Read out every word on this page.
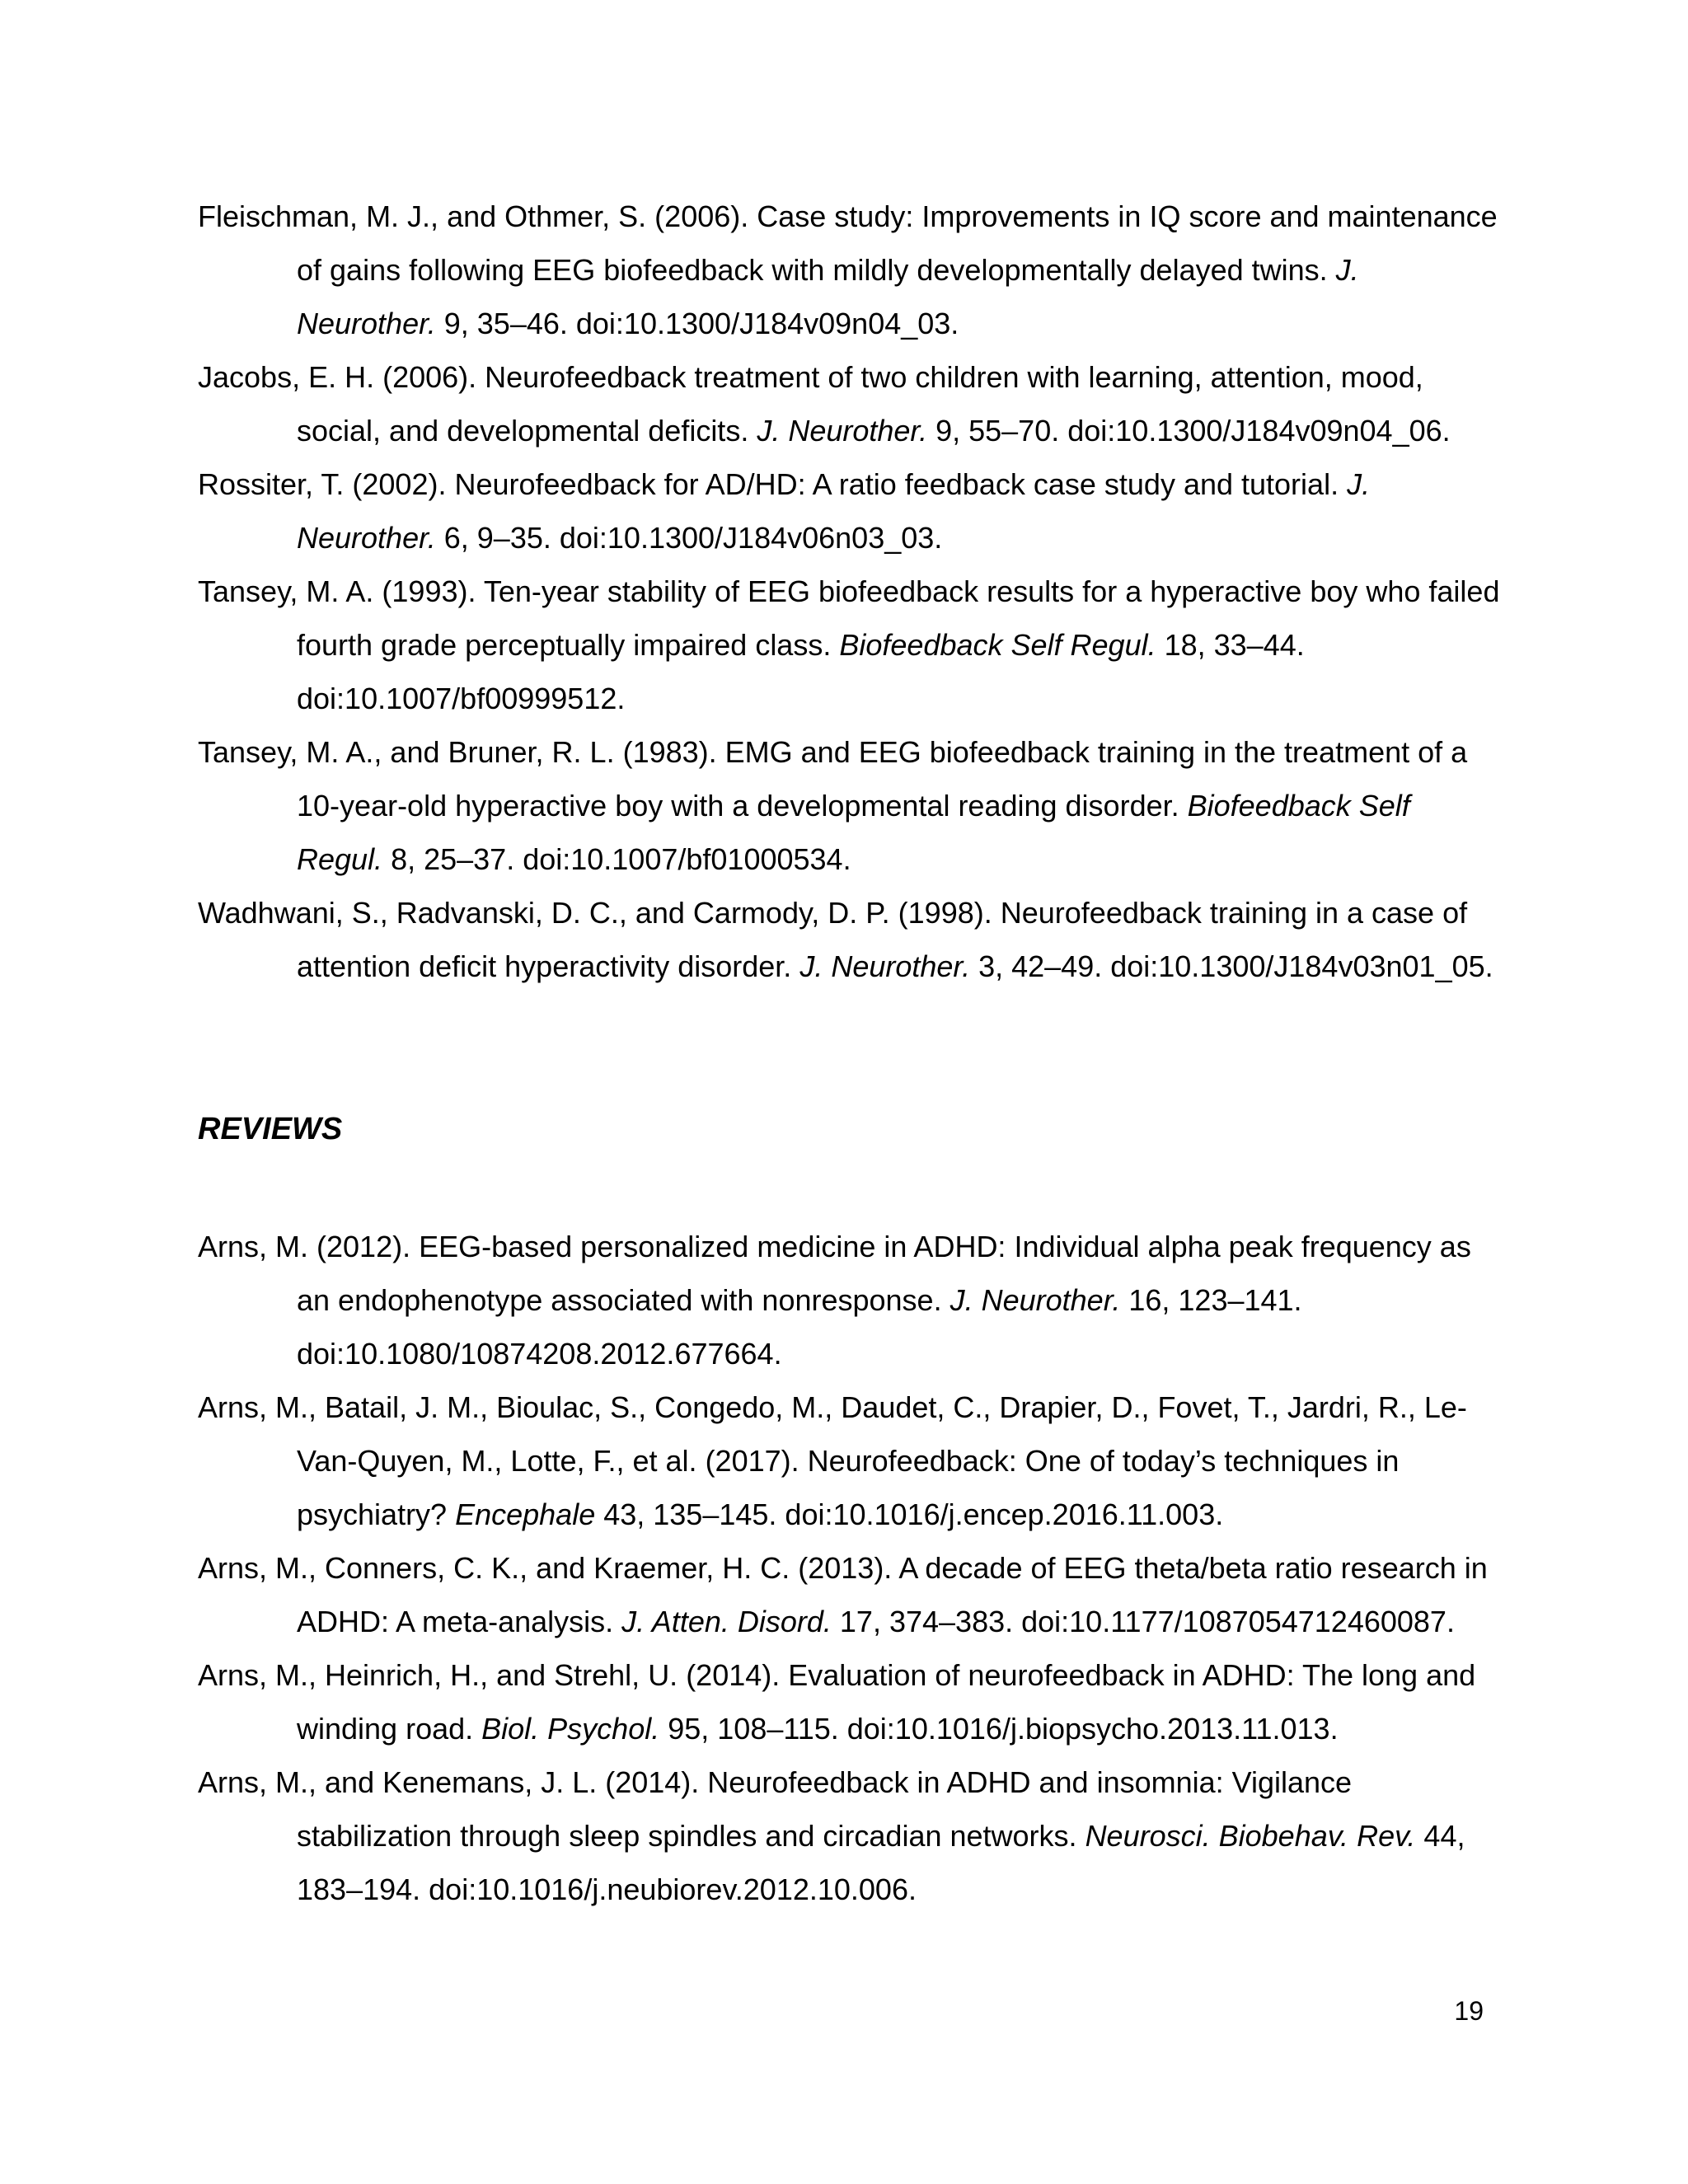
Fleischman, M. J., and Othmer, S. (2006). Case study: Improvements in IQ score and maintenance of gains following EEG biofeedback with mildly developmentally delayed twins. J. Neurother. 9, 35–46. doi:10.1300/J184v09n04_03.

Jacobs, E. H. (2006). Neurofeedback treatment of two children with learning, attention, mood, social, and developmental deficits. J. Neurother. 9, 55–70. doi:10.1300/J184v09n04_06.

Rossiter, T. (2002). Neurofeedback for AD/HD: A ratio feedback case study and tutorial. J. Neurother. 6, 9–35. doi:10.1300/J184v06n03_03.

Tansey, M. A. (1993). Ten-year stability of EEG biofeedback results for a hyperactive boy who failed fourth grade perceptually impaired class. Biofeedback Self Regul. 18, 33–44. doi:10.1007/bf00999512.

Tansey, M. A., and Bruner, R. L. (1983). EMG and EEG biofeedback training in the treatment of a 10-year-old hyperactive boy with a developmental reading disorder. Biofeedback Self Regul. 8, 25–37. doi:10.1007/bf01000534.

Wadhwani, S., Radvanski, D. C., and Carmody, D. P. (1998). Neurofeedback training in a case of attention deficit hyperactivity disorder. J. Neurother. 3, 42–49. doi:10.1300/J184v03n01_05.

REVIEWS

Arns, M. (2012). EEG-based personalized medicine in ADHD: Individual alpha peak frequency as an endophenotype associated with nonresponse. J. Neurother. 16, 123–141. doi:10.1080/10874208.2012.677664.

Arns, M., Batail, J. M., Bioulac, S., Congedo, M., Daudet, C., Drapier, D., Fovet, T., Jardri, R., Le-Van-Quyen, M., Lotte, F., et al. (2017). Neurofeedback: One of today’s techniques in psychiatry? Encephale 43, 135–145. doi:10.1016/j.encep.2016.11.003.

Arns, M., Conners, C. K., and Kraemer, H. C. (2013). A decade of EEG theta/beta ratio research in ADHD: A meta-analysis. J. Atten. Disord. 17, 374–383. doi:10.1177/1087054712460087.

Arns, M., Heinrich, H., and Strehl, U. (2014). Evaluation of neurofeedback in ADHD: The long and winding road. Biol. Psychol. 95, 108–115. doi:10.1016/j.biopsycho.2013.11.013.

Arns, M., and Kenemans, J. L. (2014). Neurofeedback in ADHD and insomnia: Vigilance stabilization through sleep spindles and circadian networks. Neurosci. Biobehav. Rev. 44, 183–194. doi:10.1016/j.neubiorev.2012.10.006.

19
